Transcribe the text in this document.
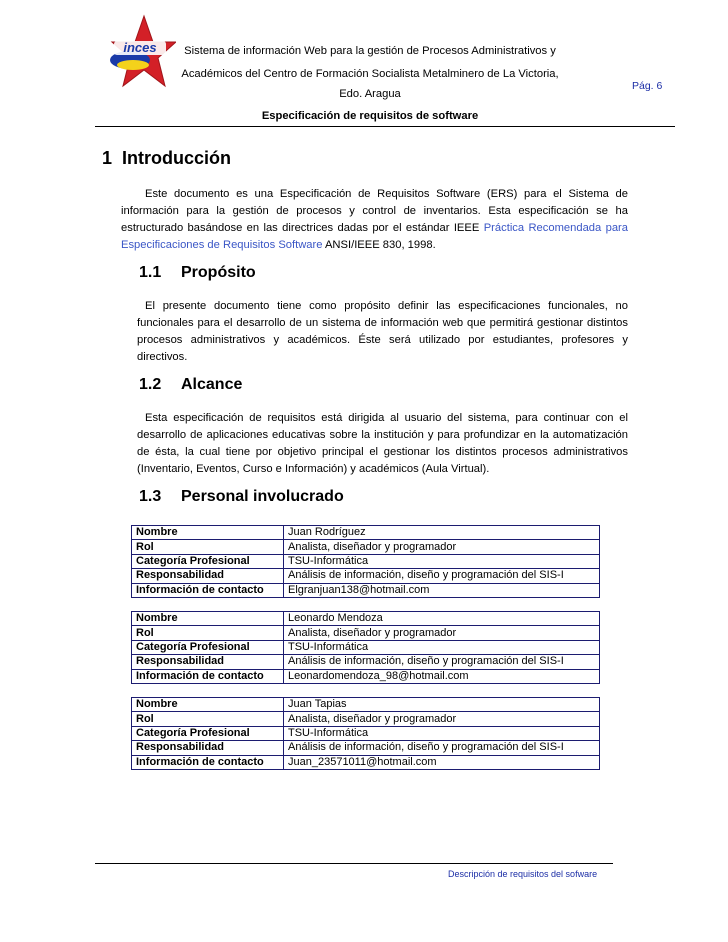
inces	Sistema de información Web para la gestión de Procesos Administrativos y
Académicos del Centro de Formación Socialista Metalminero de La Victoria,
Edo. Aragua
Especificación de requisitos de software
Pág. 6
1 Introducción
Este documento es una Especificación de Requisitos Software (ERS) para el Sistema de información para la gestión de procesos y control de inventarios. Esta especificación se ha estructurado basándose en las directrices dadas por el estándar IEEE Práctica Recomendada para Especificaciones de Requisitos Software ANSI/IEEE 830, 1998.
1.1 Propósito
El presente documento tiene como propósito definir las especificaciones funcionales, no funcionales para el desarrollo de un sistema de información web que permitirá gestionar distintos procesos administrativos y académicos. Éste será utilizado por estudiantes, profesores y directivos.
1.2 Alcance
Esta especificación de requisitos está dirigida al usuario del sistema, para continuar con el desarrollo de aplicaciones educativas sobre la institución y para profundizar en la automatización de ésta, la cual tiene por objetivo principal el gestionar los distintos procesos administrativos (Inventario, Eventos, Curso e Información) y académicos (Aula Virtual).
1.3 Personal involucrado
Nombre	Juan Rodríguez
Rol	Analista, diseñador y programador
Categoría Profesional	TSU-Informática
Responsabilidad	Análisis de información, diseño y programación del SIS-I
Información de contacto	Elgranjuan138@hotmail.com
Nombre	Leonardo Mendoza
Rol	Analista, diseñador y programador
Categoría Profesional	TSU-Informática
Responsabilidad	Análisis de información, diseño y programación del SIS-I
Información de contacto	Leonardomendoza_98@hotmail.com
Nombre	Juan Tapias
Rol	Analista, diseñador y programador
Categoría Profesional	TSU-Informática
Responsabilidad	Análisis de información, diseño y programación del SIS-I
Información de contacto	Juan_23571011@hotmail.com
Descripción de requisitos del sofware
